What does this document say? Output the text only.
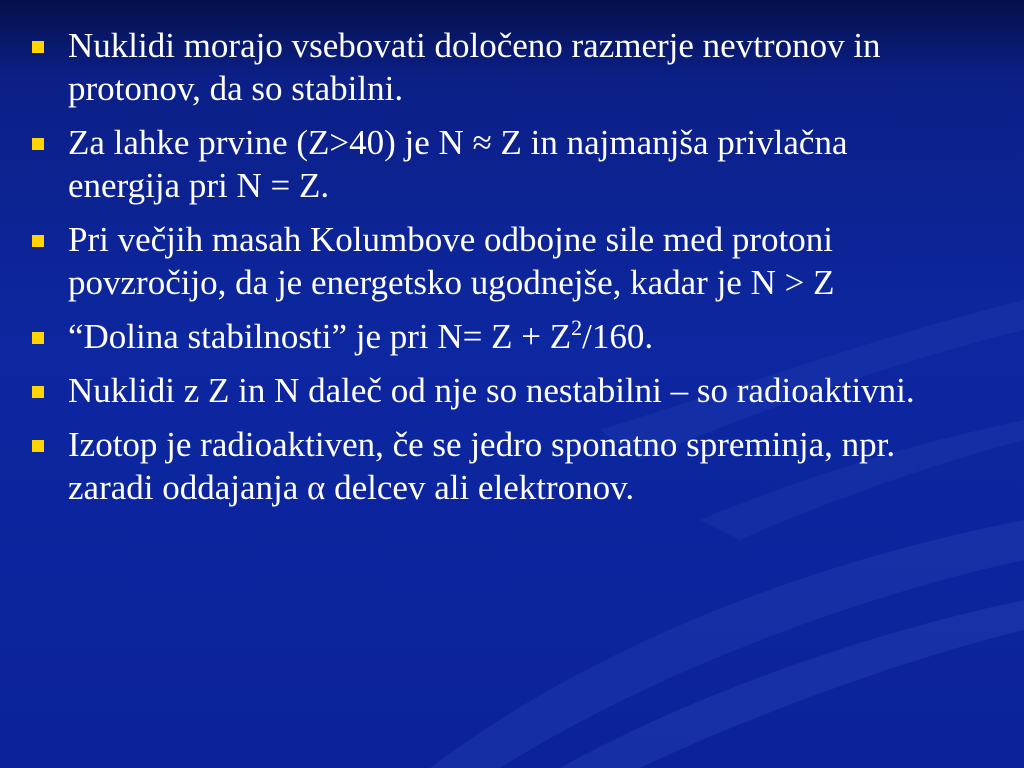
Nuklidi morajo vsebovati določeno razmerje nevtronov in protonov, da so stabilni.
Za lahke prvine (Z>40) je N ≈ Z in najmanjša privlačna energija pri N = Z.
Pri večjih masah Kolumbove odbojne sile med protoni povzročijo, da je energetsko ugodnejše, kadar je N > Z
“Dolina stabilnosti” je pri $N= Z + Z^2/160$.
Nuklidi z Z in N daleč od nje so nestabilni – so radioaktivni.
Izotop je radioaktiven, če se jedro sponatno spreminja, npr. zaradi oddajanja α delcev ali elektronov.
